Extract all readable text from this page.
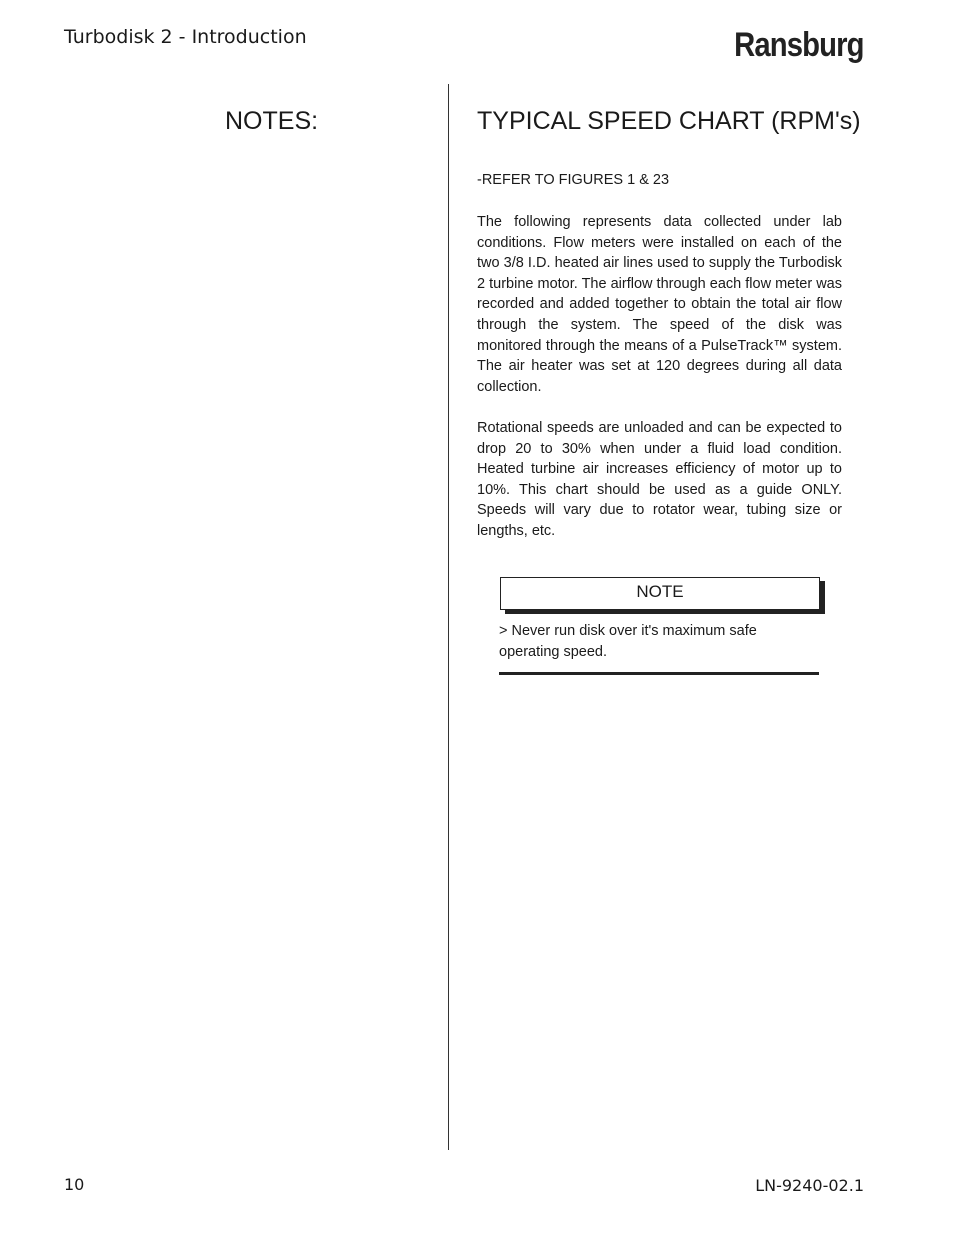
Turbodisk 2 - Introduction	Ransburg
NOTES:	TYPICAL SPEED CHART (RPM's)
-REFER TO FIGURES 1 & 23
The following represents data collected under lab conditions. Flow meters were installed on each of the two 3/8 I.D. heated air lines used to supply the Turbodisk 2 turbine motor. The airflow through each flow meter was recorded and added together to obtain the total air flow through the system. The speed of the disk was monitored through the means of a PulseTrack™ system. The air heater was set at 120 degrees during all data collection.
Rotational speeds are unloaded and can be expected to drop 20 to 30% when under a fluid load condition. Heated turbine air increases efficiency of motor up to 10%. This chart should be used as a guide ONLY. Speeds will vary due to rotator wear, tubing size or lengths, etc.
NOTE
> Never run disk over it's maximum safe operating speed.
10	LN-9240-02.1
